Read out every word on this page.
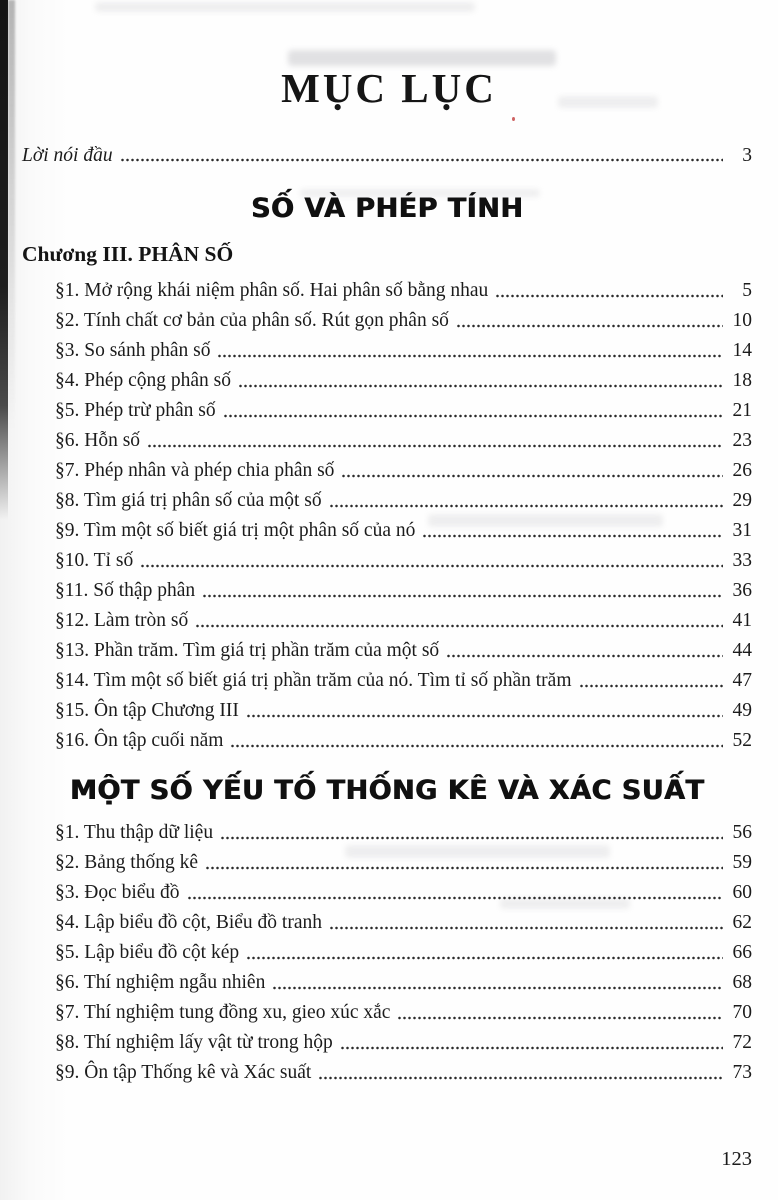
MỤC LỤC
Lời nói đầu	3
SỐ VÀ PHÉP TÍNH
Chương III. PHÂN SỐ
§1. Mở rộng khái niệm phân số. Hai phân số bằng nhau	5
§2. Tính chất cơ bản của phân số. Rút gọn phân số	10
§3. So sánh phân số	14
§4. Phép cộng phân số	18
§5. Phép trừ phân số	21
§6. Hỗn số	23
§7. Phép nhân và phép chia phân số	26
§8. Tìm giá trị phân số của một số	29
§9. Tìm một số biết giá trị một phân số của nó	31
§10. Tỉ số	33
§11. Số thập phân	36
§12. Làm tròn số	41
§13. Phần trăm. Tìm giá trị phần trăm của một số	44
§14. Tìm một số biết giá trị phần trăm của nó. Tìm tỉ số phần trăm	47
§15. Ôn tập Chương III	49
§16. Ôn tập cuối năm	52
MỘT SỐ YẾU TỐ THỐNG KÊ VÀ XÁC SUẤT
§1. Thu thập dữ liệu	56
§2. Bảng thống kê	59
§3. Đọc biểu đồ	60
§4. Lập biểu đồ cột, Biểu đồ tranh	62
§5. Lập biểu đồ cột kép	66
§6. Thí nghiệm ngẫu nhiên	68
§7. Thí nghiệm tung đồng xu, gieo xúc xắc	70
§8. Thí nghiệm lấy vật từ trong hộp	72
§9. Ôn tập Thống kê và Xác suất	73
123
